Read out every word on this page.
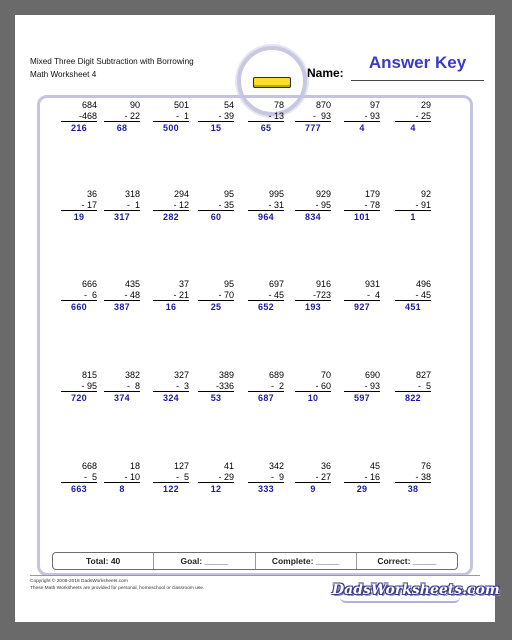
Mixed Three Digit Subtraction with Borrowing
Math Worksheet 4	Name:
Answer Key
684
-468
216
90
- 22
68
501
-  1
500
54
- 39
15
78
- 13
65
870
-  93
777
97
- 93
4
29
- 25
4
36
- 17
19
318
-  1
317
294
- 12
282
95
- 35
60
995
- 31
964
929
- 95
834
179
- 78
101
92
- 91
1
666
-  6
660
435
- 48
387
37
- 21
16
95
- 70
25
697
- 45
652
916
-723
193
931
-  4
927
496
- 45
451
815
- 95
720
382
-  8
374
327
-  3
324
389
-336
53
689
-  2
687
70
- 60
10
690
- 93
597
827
-  5
822
668
-  5
663
18
- 10
8
127
-  5
122
41
- 29
12
342
-  9
333
36
- 27
9
45
- 16
29
76
- 38
38
Total: 40	Goal: _____	Complete: _____	Correct: _____
Copyright © 2008-2018 DadsWorksheets.com
These Math Worksheets are provided for personal, homeschool or classroom use.	DadsWorksheets.com
